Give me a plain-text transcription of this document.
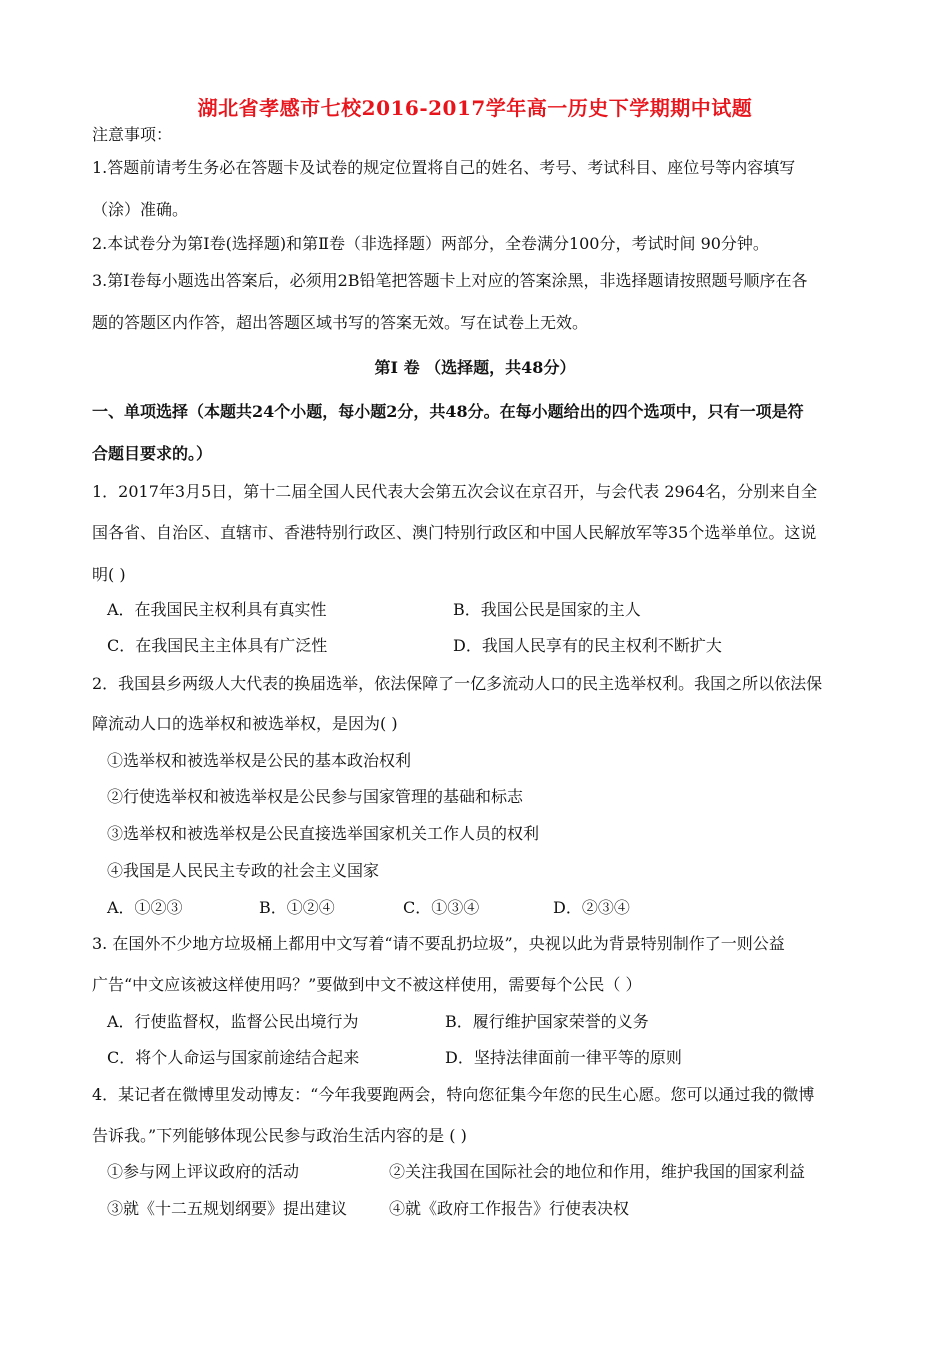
湖北省孝感市七校2016-2017学年高一历史下学期期中试题
注意事项：
1.答题前请考生务必在答题卡及试卷的规定位置将自己的姓名、考号、考试科目、座位号等内容填写
（涂）准确。
2.本试卷分为第Ⅰ卷(选择题)和第Ⅱ卷（非选择题）两部分，全卷满分100分，考试时间 90分钟。
3.第Ⅰ卷每小题选出答案后，必须用2B铅笔把答题卡上对应的答案涂黑，非选择题请按照题号顺序在各
题的答题区内作答，超出答题区域书写的答案无效。写在试卷上无效。
第Ⅰ 卷 （选择题，共48分）
一、单项选择（本题共24个小题，每小题2分，共48分。在每小题给出的四个选项中，只有一项是符
合题目要求的。）
1．2017年3月5日，第十二届全国人民代表大会第五次会议在京召开，与会代表 2964名，分别来自全
国各省、自治区、直辖市、香港特别行政区、澳门特别行政区和中国人民解放军等35个选举单位。这说
明( )
A．在我国民主权利具有真实性	B．我国公民是国家的主人
C．在我国民主主体具有广泛性	D．我国人民享有的民主权利不断扩大
2．我国县乡两级人大代表的换届选举，依法保障了一亿多流动人口的民主选举权利。我国之所以依法保
障流动人口的选举权和被选举权，是因为( )
①选举权和被选举权是公民的基本政治权利
②行使选举权和被选举权是公民参与国家管理的基础和标志
③选举权和被选举权是公民直接选举国家机关工作人员的权利
④我国是人民民主专政的社会主义国家
A．①②③	B．①②④	C．①③④	D．②③④
3. 在国外不少地方垃圾桶上都用中文写着“请不要乱扔垃圾”，央视以此为背景特别制作了一则公益
广告“中文应该被这样使用吗？”要做到中文不被这样使用，需要每个公民（ ）
A．行使监督权，监督公民出境行为	B．履行维护国家荣誉的义务
C．将个人命运与国家前途结合起来	D．坚持法律面前一律平等的原则
4．某记者在微博里发动博友：“今年我要跑两会，特向您征集今年您的民生心愿。您可以通过我的微博
告诉我。”下列能够体现公民参与政治生活内容的是 ( )
①参与网上评议政府的活动	②关注我国在国际社会的地位和作用，维护我国的国家利益
③就《十二五规划纲要》提出建议	④就《政府工作报告》行使表决权
